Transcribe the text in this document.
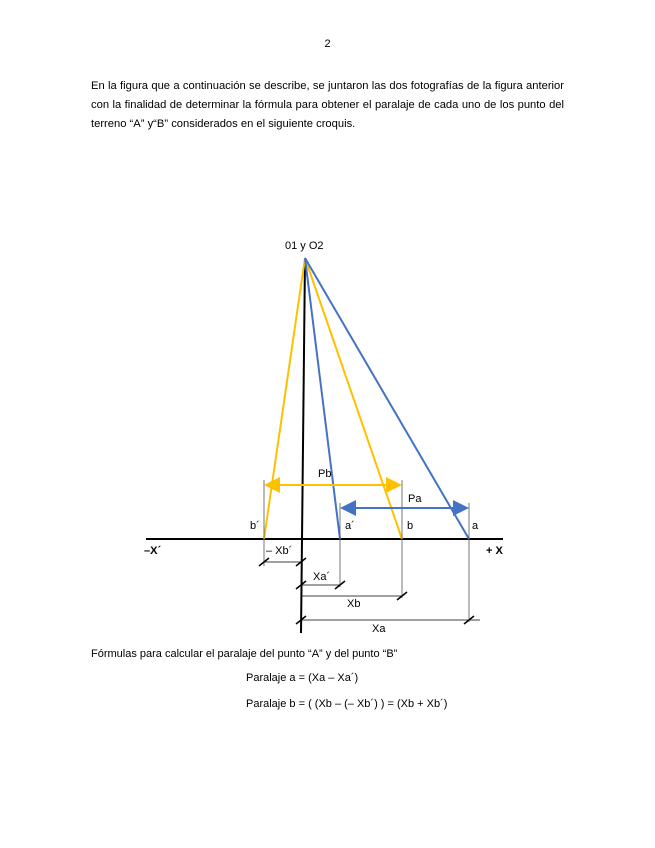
2

En la figura que a continuación se describe, se juntaron las dos fotografías de la figura anterior con la finalidad de determinar la fórmula para obtener el paralaje de cada uno de los punto del terreno “A” y“B” considerados en el siguiente croquis.

01 y O2
Pb
Pa
b´	a´	b	a
–X´	+ X
– Xb´
Xa´
Xb
Xa
Fórmulas para calcular el paralaje del punto “A” y del punto “B”
Paralaje a = (Xa – Xa´)
Paralaje b = ( (Xb – (– Xb´) ) = (Xb + Xb´)
